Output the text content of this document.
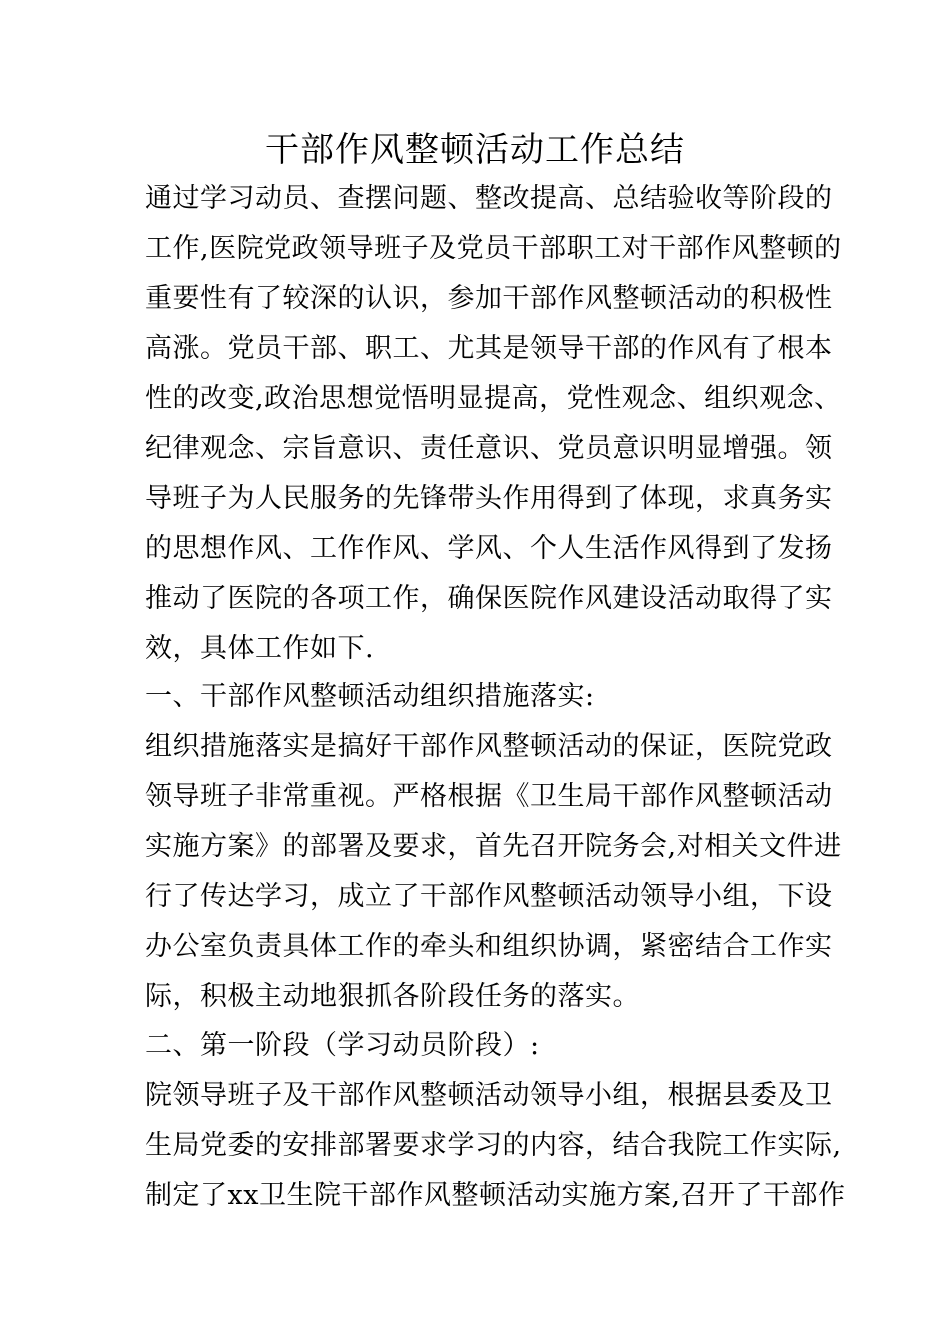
干部作风整顿活动工作总结
通过学习动员、查摆问题、整改提高、总结验收等阶段的
工作,医院党政领导班子及党员干部职工对干部作风整顿的
重要性有了较深的认识，参加干部作风整顿活动的积极性
高涨。党员干部、职工、尤其是领导干部的作风有了根本
性的改变,政治思想觉悟明显提高，党性观念、组织观念、
纪律观念、宗旨意识、责任意识、党员意识明显增强。领
导班子为人民服务的先锋带头作用得到了体现，求真务实
的思想作风、工作作风、学风、个人生活作风得到了发扬
推动了医院的各项工作，确保医院作风建设活动取得了实
效，具体工作如下.
一、干部作风整顿活动组织措施落实:
组织措施落实是搞好干部作风整顿活动的保证，医院党政
领导班子非常重视。严格根据《卫生局干部作风整顿活动
实施方案》的部署及要求，首先召开院务会,对相关文件进
行了传达学习，成立了干部作风整顿活动领导小组，下设
办公室负责具体工作的牵头和组织协调，紧密结合工作实
际，积极主动地狠抓各阶段任务的落实。
二、第一阶段（学习动员阶段）:
院领导班子及干部作风整顿活动领导小组，根据县委及卫
生局党委的安排部署要求学习的内容，结合我院工作实际,
制定了xx卫生院干部作风整顿活动实施方案,召开了干部作
